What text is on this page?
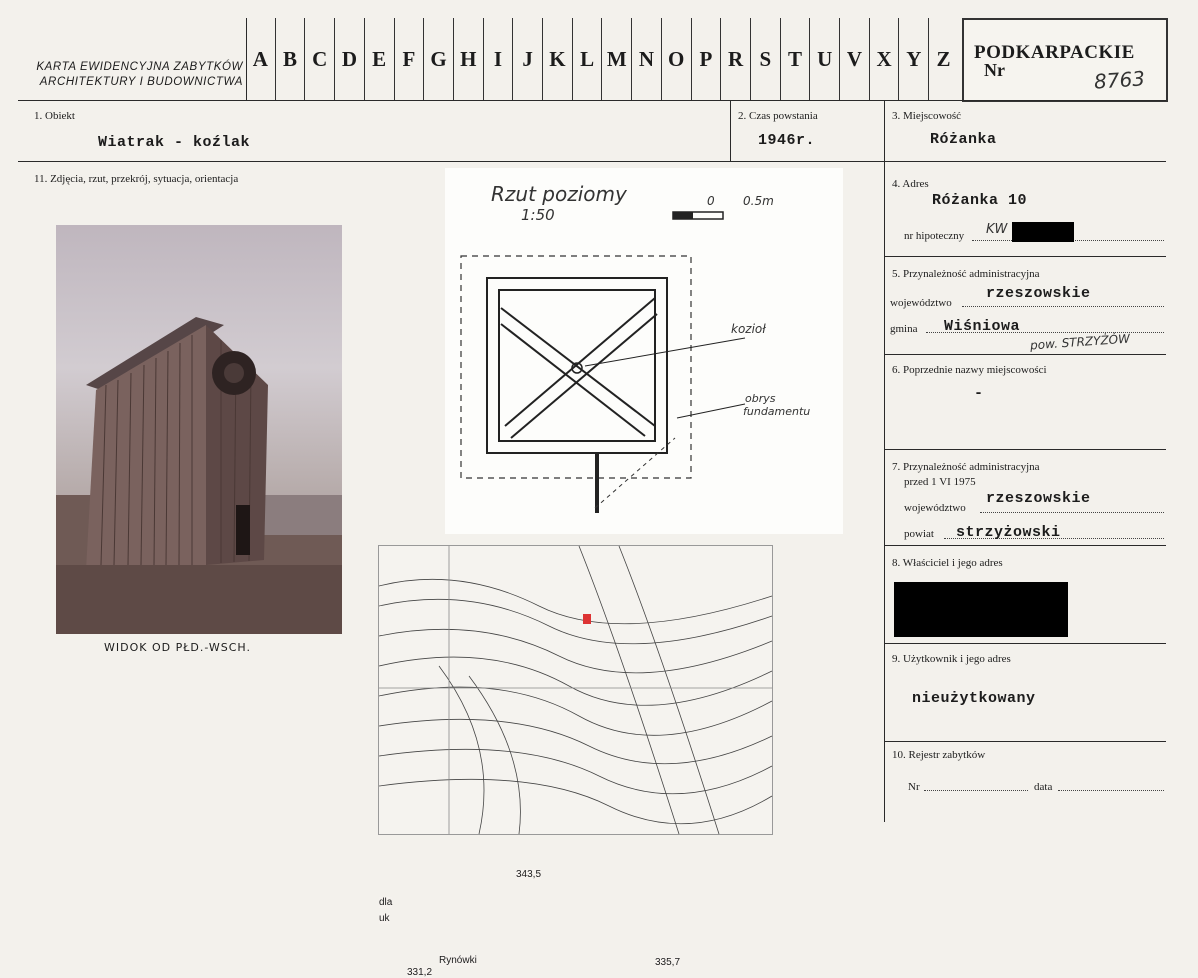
KARTA EWIDENCYJNA ZABYTKÓW
ARCHITEKTURY I BUDOWNICTWA
A B C D E F G H I J K L M N O P R S T U V X Y Z	PODKARPACKIE
Nr	8763
1. Obiekt
Wiatrak - koźlak
2. Czas powstania
1946r.
3. Miejscowość
Różanka
11. Zdjęcia, rzut, przekrój, sytuacja, orientacja	4. Adres
Różanka 10
nr hipoteczny KW
5. Przynależność administracyjna
województwo
rzeszowskie
gmina Wiśniowa
pow. STRZYŻÓW
6. Poprzednie nazwy miejscowości
-
7. Przynależność administracyjna
przed 1 VI 1975
województwo
rzeszowskie
powiat strzyżowski
8. Właściciel i jego adres
9. Użytkownik i jego adres
nieużytkowany
10. Rejestr zabytków
Nr	data
WIDOK OD PŁD.-WSCH.
Rzut poziomy
1:50
0 0.5m
kozioł
obrys
fundamentu
343,5
335,7
331,2
Rynówki
dla
uk
